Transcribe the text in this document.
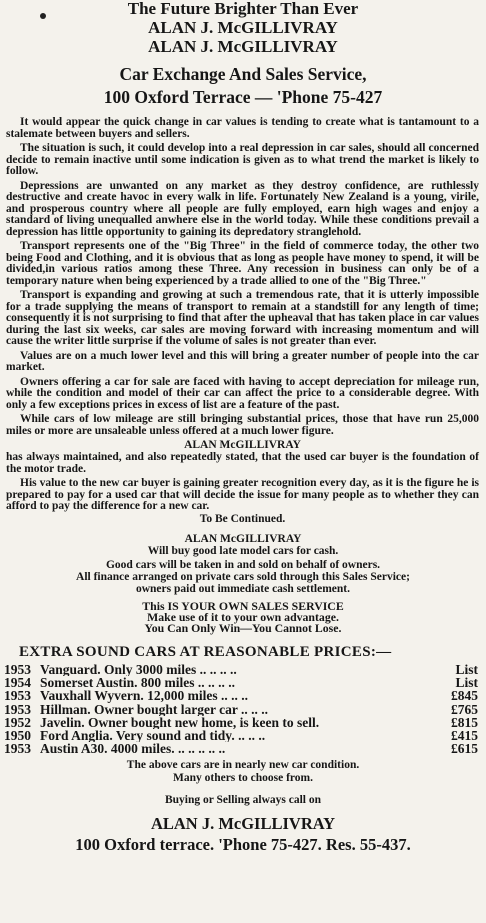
The Future Brighter Than Ever
ALAN J. McGILLIVRAY
ALAN J. McGILLIVRAY
Car Exchange And Sales Service,
100 Oxford Terrace — 'Phone 75-427
It would appear the quick change in car values is tending to create what is tantamount to a stalemate between buyers and sellers.
The situation is such, it could develop into a real depression in car sales, should all concerned decide to remain inactive until some indication is given as to what trend the market is likely to follow.
Depressions are unwanted on any market as they destroy confidence, are ruthlessly destructive and create havoc in every walk in life. Fortunately New Zealand is a young, virile, and prosperous country where all people are fully employed, earn high wages and enjoy a standard of living unequalled anwhere else in the world today. While these conditions prevail a depression has little opportunity to gaining its depredatory stranglehold.
Transport represents one of the "Big Three" in the field of commerce today, the other two being Food and Clothing, and it is obvious that as long as people have money to spend, it will be divided,in various ratios among these Three. Any recession in business can only be of a temporary nature when being experienced by a trade allied to one of the "Big Three."
Transport is expanding and growing at such a tremendous rate, that it is utterly impossible for a trade supplying the means of transport to remain at a standstill for any length of time; consequently it is not surprising to find that after the upheaval that has taken place in car values during the last six weeks, car sales are moving forward with increasing momentum and will cause the writer little surprise if the volume of sales is not greater than ever.
Values are on a much lower level and this will bring a greater number of people into the car market.
Owners offering a car for sale are faced with having to accept depreciation for mileage run, while the condition and model of their car can affect the price to a considerable degree. With only a few exceptions prices in excess of list are a feature of the past.
While cars of low mileage are still bringing substantial prices, those that have run 25,000 miles or more are unsaleable unless offered at a much lower figure.
ALAN McGILLIVRAY
has always maintained, and also repeatedly stated, that the used car buyer is the foundation of the motor trade.
His value to the new car buyer is gaining greater recognition every day, as it is the figure he is prepared to pay for a used car that will decide the issue for many people as to whether they can afford to pay the difference for a new car.
To Be Continued.
ALAN McGILLIVRAY
Will buy good late model cars for cash.
Good cars will be taken in and sold on behalf of owners.
All finance arranged on private cars sold through this Sales Service;
owners paid out immediate cash settlement.
This IS YOUR OWN SALES SERVICE
Make use of it to your own advantage.
You Can Only Win—You Cannot Lose.
EXTRA SOUND CARS AT REASONABLE PRICES:—
1953 Vanguard. Only 3000 miles .. .. .. ..	List
1954 Somerset Austin. 800 miles .. .. .. ..	List
1953 Vauxhall Wyvern. 12,000 miles .. .. ..	£845
1953 Hillman. Owner bought larger car .. .. ..	£765
1952 Javelin. Owner bought new home, is keen to sell.	£815
1950 Ford Anglia. Very sound and tidy. .. .. ..	£415
1953 Austin A30. 4000 miles. .. .. .. .. ..	£615
The above cars are in nearly new car condition.
Many others to choose from.
Buying or Selling always call on
ALAN J. McGILLIVRAY
100 Oxford terrace. 'Phone 75-427. Res. 55-437.
